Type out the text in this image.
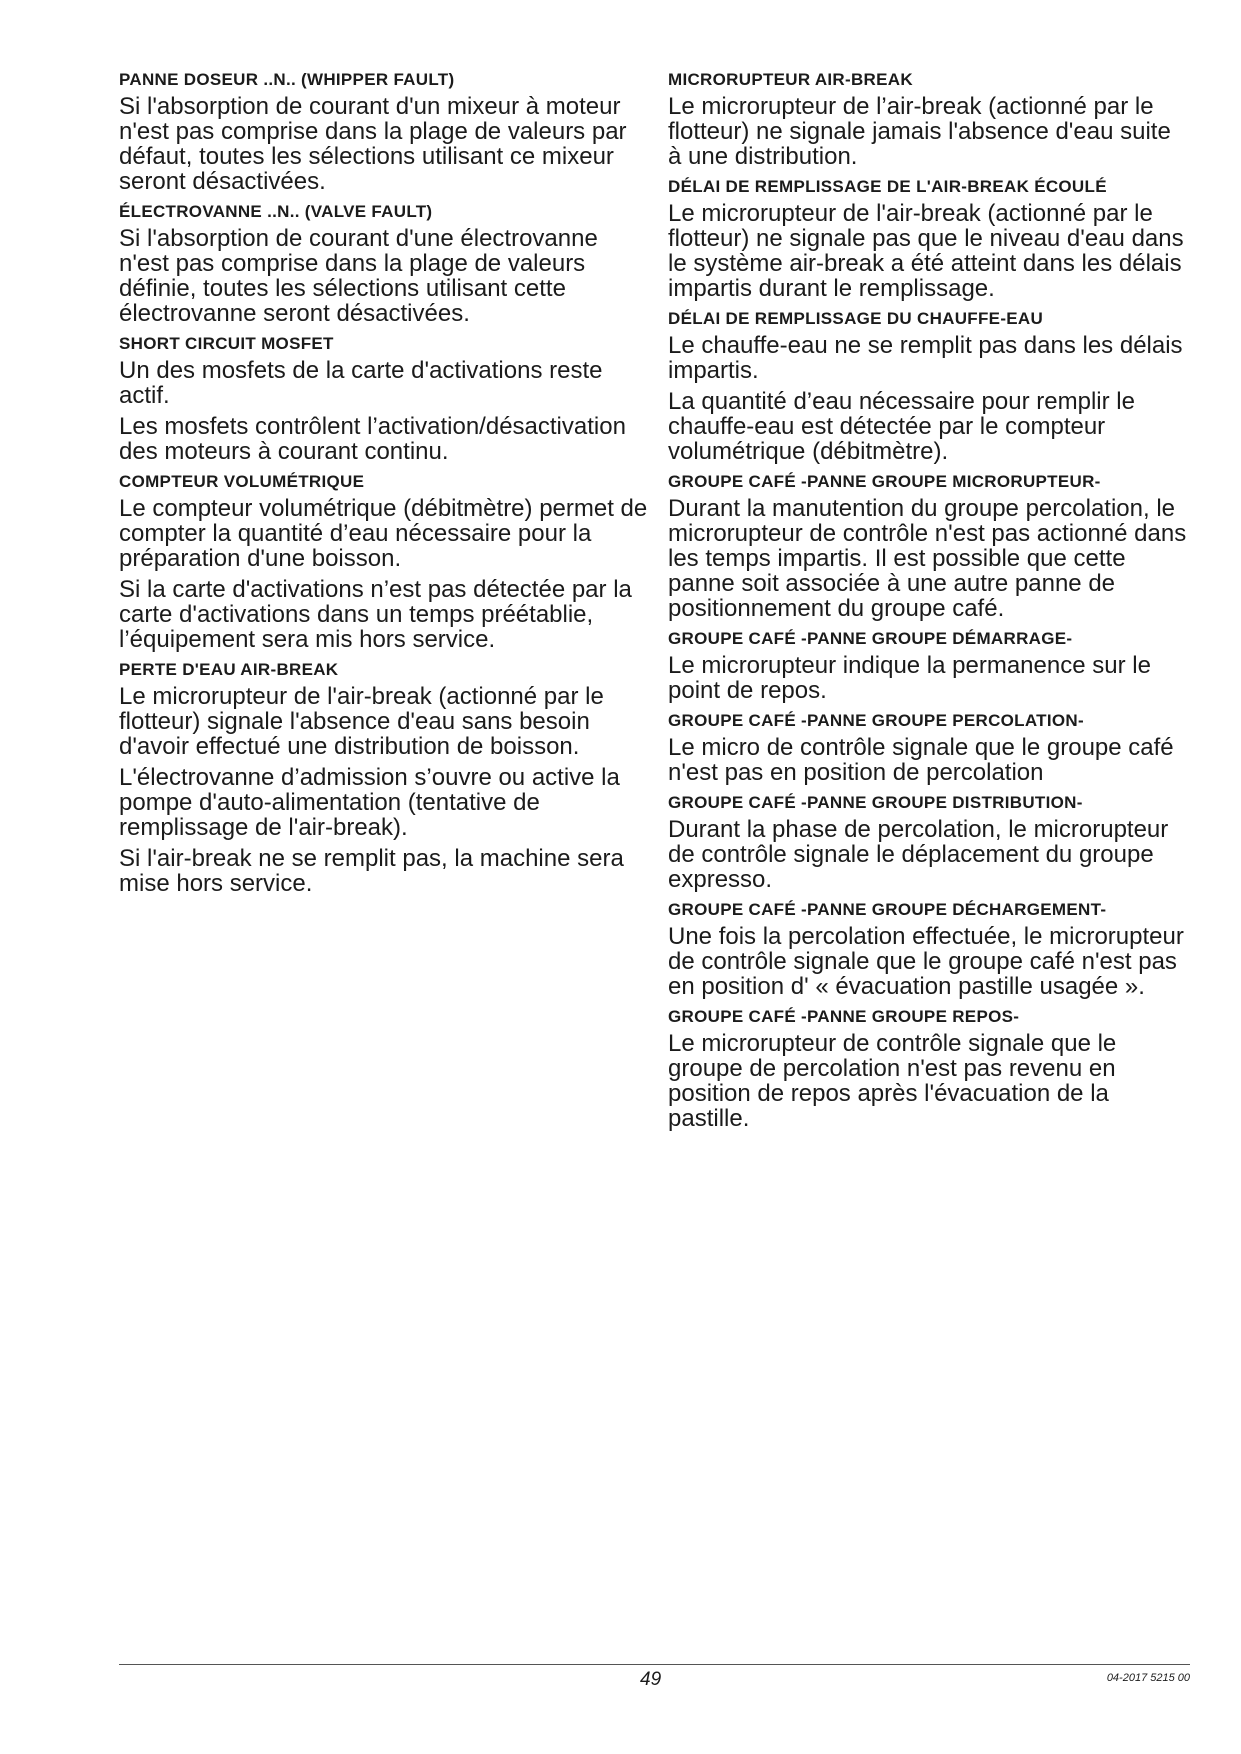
PANNE DOSEUR ..N.. (WHIPPER FAULT)
Si l'absorption de courant d'un mixeur à moteur n'est pas comprise dans la plage de valeurs par défaut, toutes les sélections utilisant ce mixeur seront désactivées.
ÉLECTROVANNE ..N.. (VALVE FAULT)
Si l'absorption de courant d'une électrovanne n'est pas comprise dans la plage de valeurs définie, toutes les sélections utilisant cette électrovanne seront désactivées.
SHORT CIRCUIT MOSFET
Un des mosfets de la carte d'activations reste actif.
Les mosfets contrôlent l’activation/désactivation des moteurs à courant continu.
COMPTEUR VOLUMÉTRIQUE
Le compteur volumétrique (débitmètre) permet de compter la quantité d’eau nécessaire pour la préparation d'une boisson.
Si la carte d'activations n’est pas détectée par la carte d'activations dans un temps préétablie, l’équipement sera mis hors service.
PERTE D'EAU AIR-BREAK
Le microrupteur de l'air-break (actionné par le flotteur) signale l'absence d'eau sans besoin d'avoir effectué une distribution de boisson.
L'électrovanne d’admission s’ouvre ou active la pompe d'auto-alimentation (tentative de remplissage de l'air-break).
Si l'air-break ne se remplit pas, la machine sera mise hors service.
MICRORUPTEUR AIR-BREAK
Le microrupteur de l’air-break (actionné par le flotteur) ne signale jamais l'absence d'eau suite à une distribution.
DÉLAI DE REMPLISSAGE DE L'AIR-BREAK ÉCOULÉ
Le microrupteur de l'air-break (actionné par le flotteur) ne signale pas que le niveau d'eau dans le système air-break a été atteint dans les délais impartis durant le remplissage.
DÉLAI DE REMPLISSAGE DU CHAUFFE-EAU
Le chauffe-eau ne se remplit pas dans les délais impartis.
La quantité d’eau nécessaire pour remplir le chauffe-eau est détectée par le compteur volumétrique (débitmètre).
GROUPE CAFÉ -PANNE GROUPE MICRORUPTEUR-
Durant la manutention du groupe percolation, le microrupteur de contrôle n'est pas actionné dans les temps impartis. Il est possible que cette panne soit associée à une autre panne de positionnement du groupe café.
GROUPE CAFÉ -PANNE GROUPE DÉMARRAGE-
Le microrupteur indique la permanence sur le point de repos.
GROUPE CAFÉ -PANNE GROUPE PERCOLATION-
Le micro de contrôle signale que le groupe café n'est pas en position de percolation
GROUPE CAFÉ -PANNE GROUPE DISTRIBUTION-
Durant la phase de percolation, le microrupteur de contrôle signale le déplacement du groupe expresso.
GROUPE CAFÉ -PANNE GROUPE DÉCHARGEMENT-
Une fois la percolation effectuée, le microrupteur de contrôle signale que le groupe café n'est pas en position d' « évacuation pastille usagée ».
GROUPE CAFÉ -PANNE GROUPE REPOS-
Le microrupteur de contrôle signale que le groupe de percolation n'est pas revenu en position de repos après l'évacuation de la pastille.
49	04-2017 5215 00
